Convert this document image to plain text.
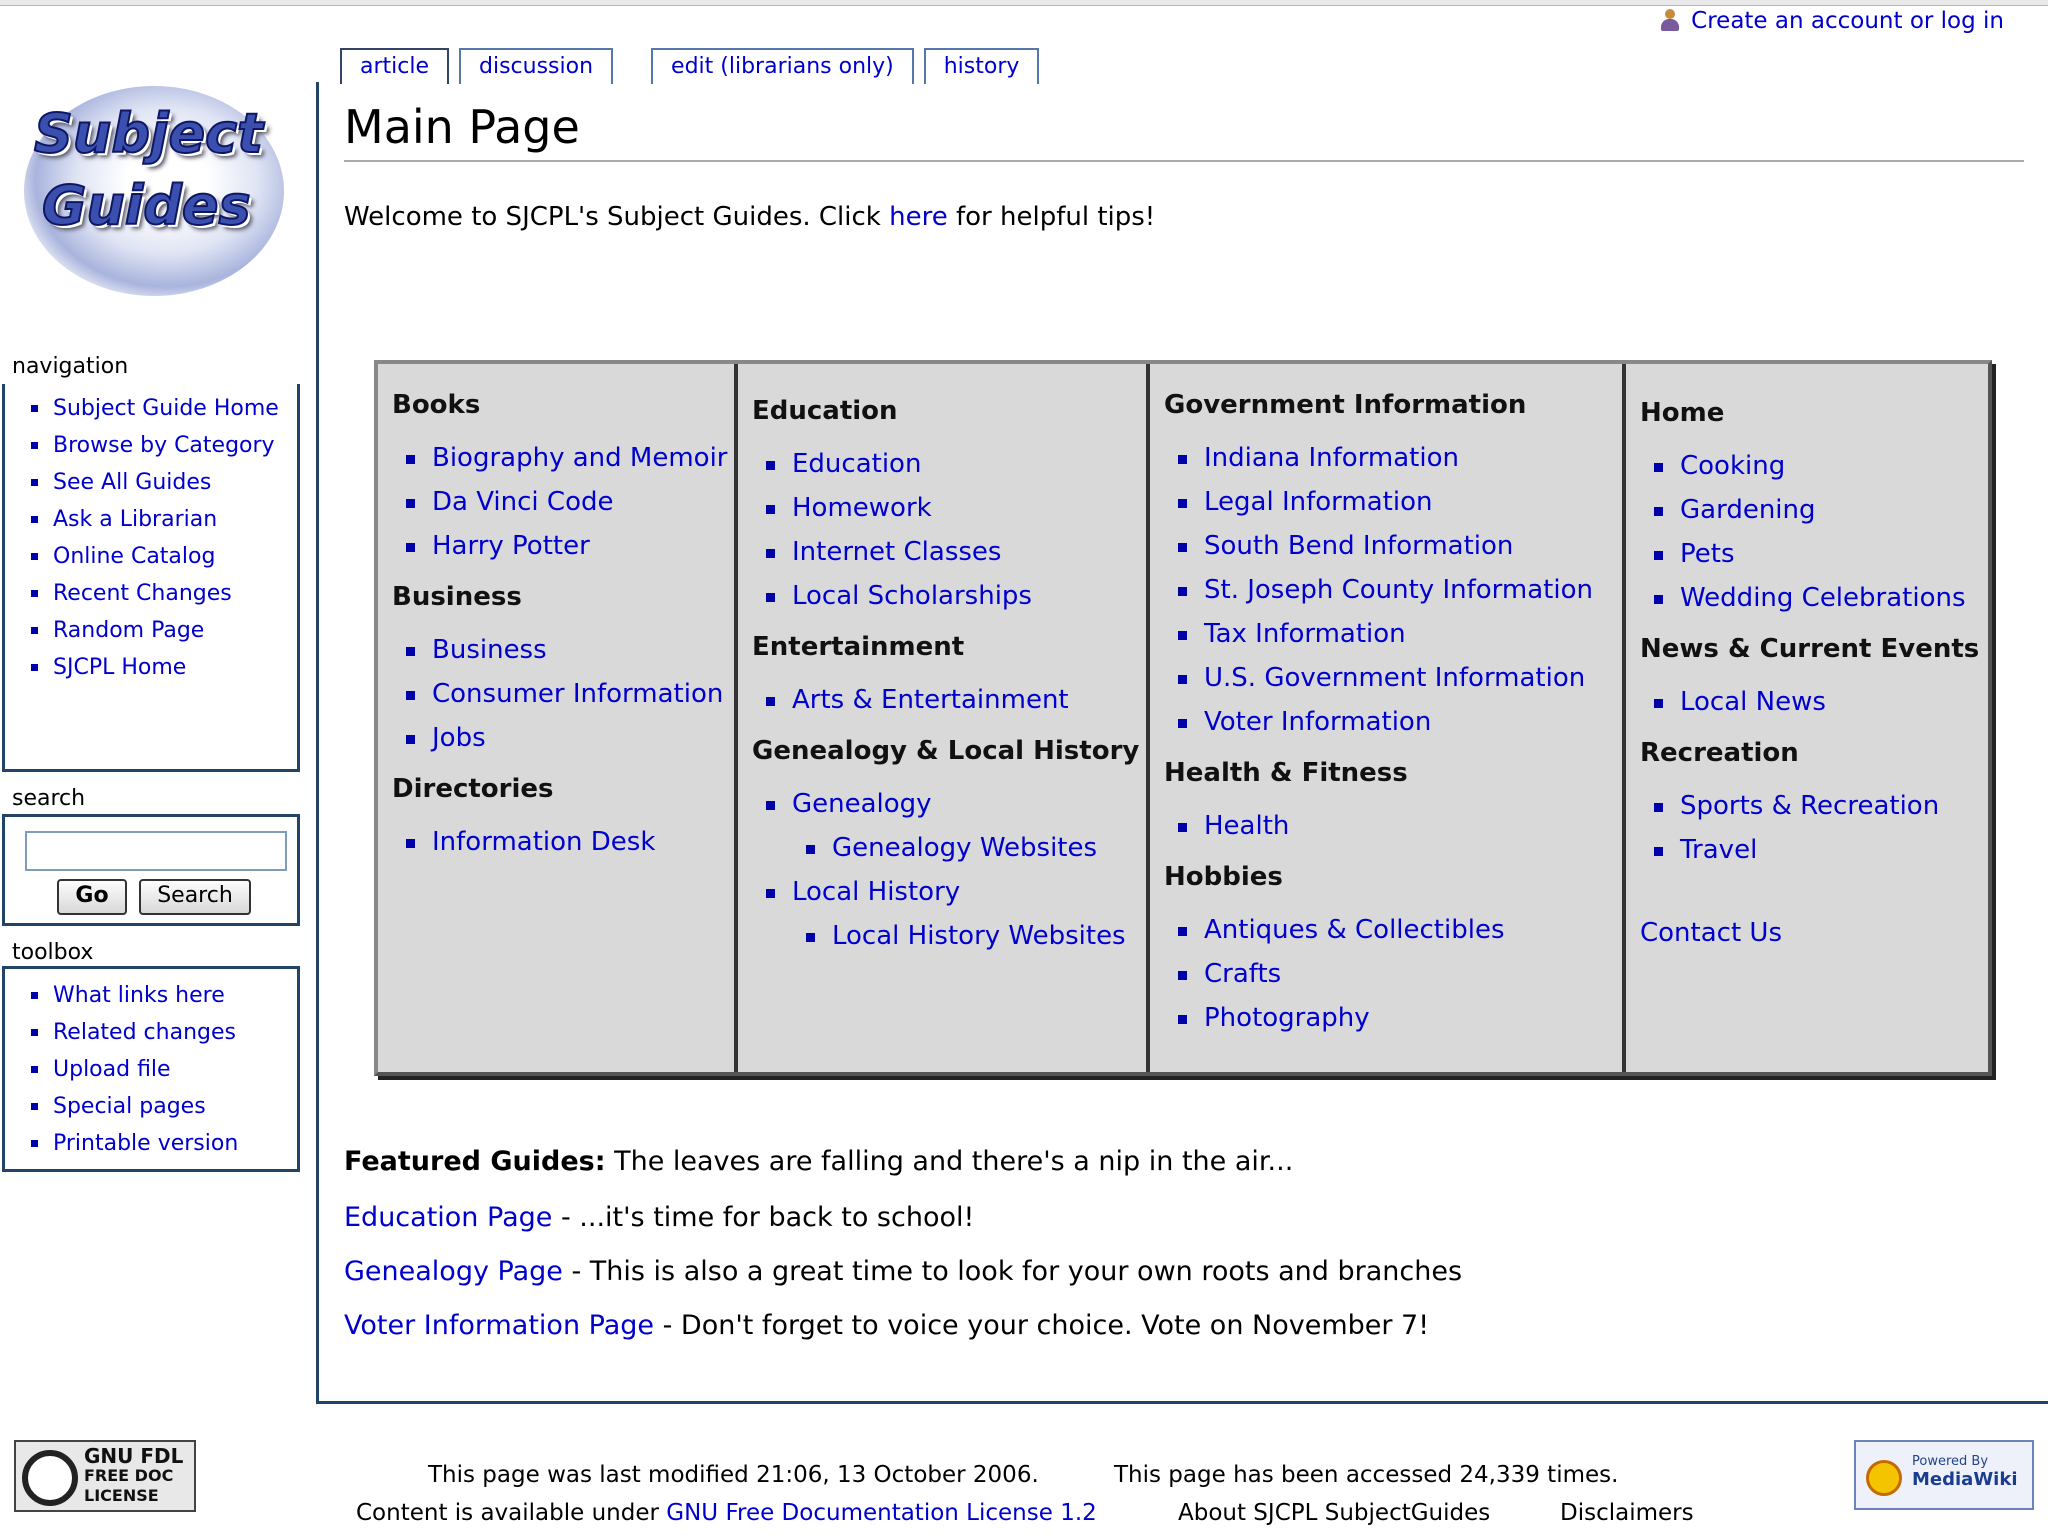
Create an account or log in
article	discussion	edit (librarians only)	history
Subject
Guides
navigation
Subject Guide Home
Browse by Category
See All Guides
Ask a Librarian
Online Catalog
Recent Changes
Random Page
SJCPL Home
search
Go	Search
toolbox
What links here
Related changes
Upload file
Special pages
Printable version
Main Page
Welcome to SJCPL's Subject Guides. Click here for helpful tips!
Books
Biography and Memoir
Da Vinci Code
Harry Potter
Business
Business
Consumer Information
Jobs
Directories
Information Desk
Education
Education
Homework
Internet Classes
Local Scholarships
Entertainment
Arts & Entertainment
Genealogy & Local History
Genealogy
Genealogy Websites
Local History
Local History Websites
Government Information
Indiana Information
Legal Information
South Bend Information
St. Joseph County Information
Tax Information
U.S. Government Information
Voter Information
Health & Fitness
Health
Hobbies
Antiques & Collectibles
Crafts
Photography
Home
Cooking
Gardening
Pets
Wedding Celebrations
News & Current Events
Local News
Recreation
Sports & Recreation
Travel
Contact Us
Featured Guides: The leaves are falling and there's a nip in the air...
Education Page - ...it's time for back to school!
Genealogy Page - This is also a great time to look for your own roots and branches
Voter Information Page - Don't forget to voice your choice. Vote on November 7!
GNU FDL
FREE DOC
LICENSE
This page was last modified 21:06, 13 October 2006.	This page has been accessed 24,339 times.
Content is available under GNU Free Documentation License 1.2	About SJCPL SubjectGuides	Disclaimers
Powered By
MediaWiki
